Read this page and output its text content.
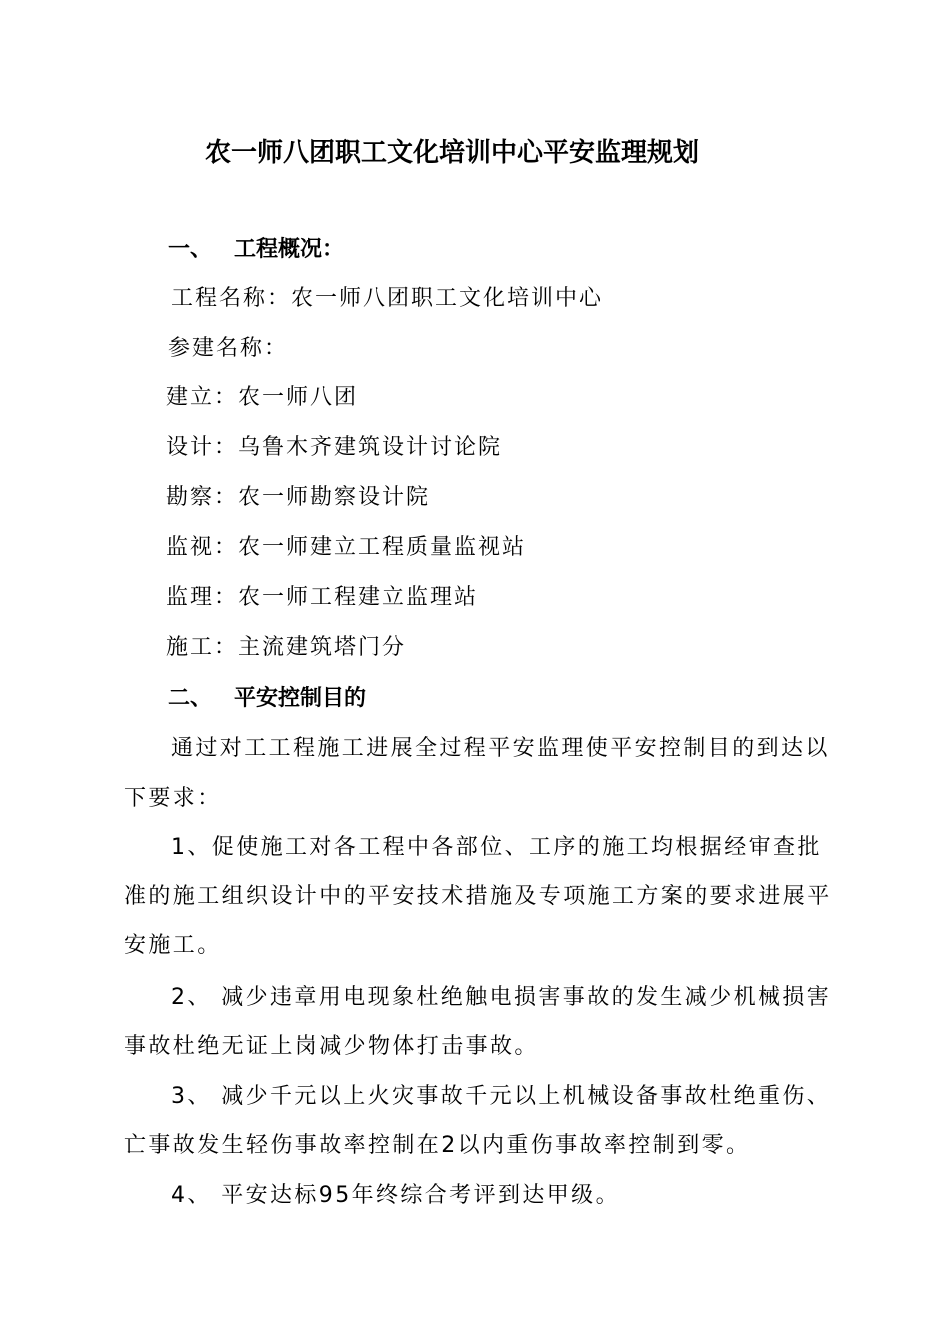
农一师八团职工文化培训中心平安监理规划
一、 工程概况：
工程名称：农一师八团职工文化培训中心
参建名称：
建立：农一师八团
设计：乌鲁木齐建筑设计讨论院
勘察：农一师勘察设计院
监视：农一师建立工程质量监视站
监理：农一师工程建立监理站
施工：主流建筑塔门分
二、 平安控制目的
通过对工工程施工进展全过程平安监理使平安控制目的到达以
下要求：
1、促使施工对各工程中各部位、工序的施工均根据经审查批
准的施工组织设计中的平安技术措施及专项施工方案的要求进展平
安施工。
2、 减少违章用电现象杜绝触电损害事故的发生减少机械损害
事故杜绝无证上岗减少物体打击事故。
3、 减少千元以上火灾事故千元以上机械设备事故杜绝重伤、
亡事故发生轻伤事故率控制在2以内重伤事故率控制到零。
4、 平安达标95年终综合考评到达甲级。
